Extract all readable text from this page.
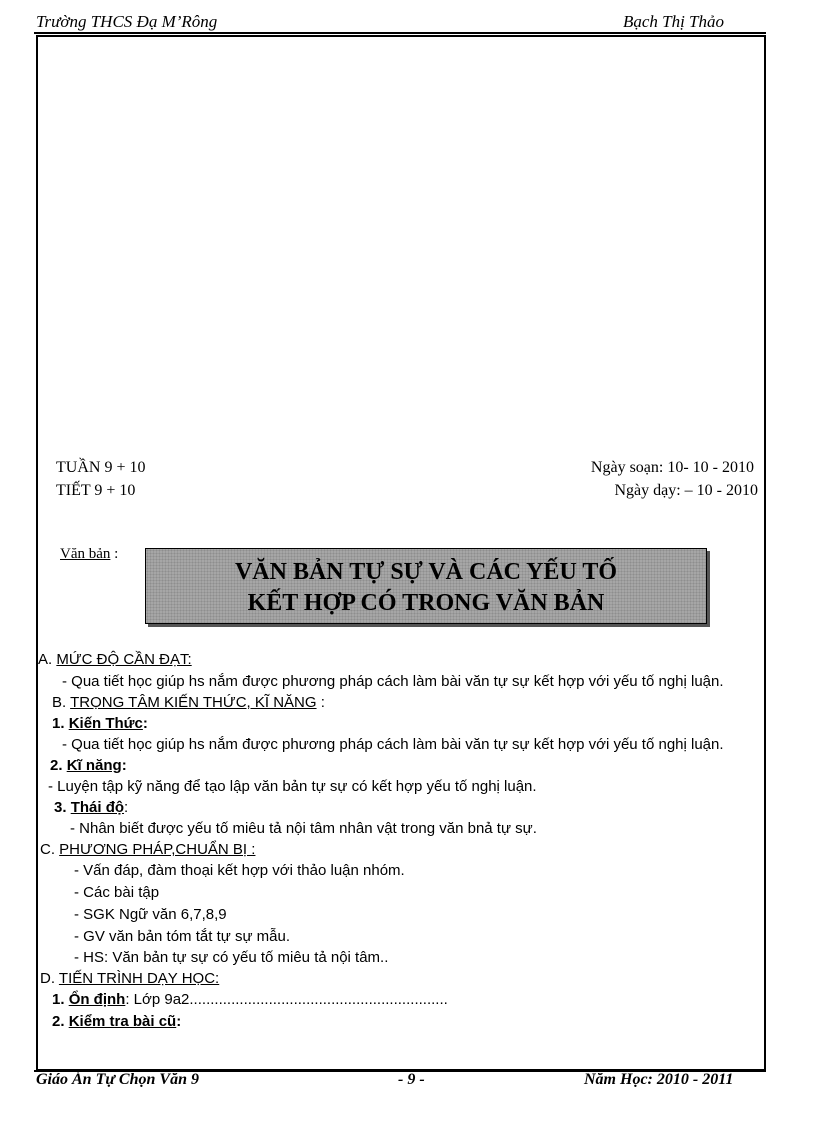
Trường THCS Đạ M’Rông	Bạch Thị Thảo
TUẦN 9 + 10
TIẾT 9 + 10
Ngày soạn: 10- 10 - 2010
Ngày dạy: – 10 - 2010
Văn bản :
VĂN BẢN TỰ SỰ VÀ CÁC YẾU TỐ
KẾT HỢP CÓ TRONG VĂN BẢN
A. MỨC ĐỘ CẦN ĐẠT:
- Qua tiết học giúp hs nắm được phương pháp cách làm bài văn tự sự kết hợp với yếu tố nghị luận.
B. TRỌNG TÂM KIẾN THỨC, KĨ NĂNG :
1. Kiến Thức:
- Qua tiết học giúp hs nắm được phương pháp cách làm bài văn tự sự kết hợp với yếu tố nghị luận.
2. Kĩ năng:
- Luyện tập kỹ năng để tạo lập văn bản tự sự có kết hợp yếu tố nghị luận.
3. Thái độ:
- Nhân biết được yếu tố miêu tả nội tâm nhân vật trong văn bnả tự sự.
C. PHƯƠNG PHÁP,CHUẨN BỊ :
- Vấn đáp, đàm thoại kết hợp với thảo luận nhóm.
- Các bài tập
- SGK Ngữ văn 6,7,8,9
- GV văn bản tóm tắt tự sự mẫu.
- HS: Văn bản tự sự có yếu tố miêu tả nội tâm..
D. TIẾN TRÌNH DẠY HỌC:
1. Ổn định: Lớp 9a2..............................................................
2. Kiểm tra bài cũ:
Giáo Án Tự Chọn Văn 9	- 9 -	Năm Học: 2010 - 2011
